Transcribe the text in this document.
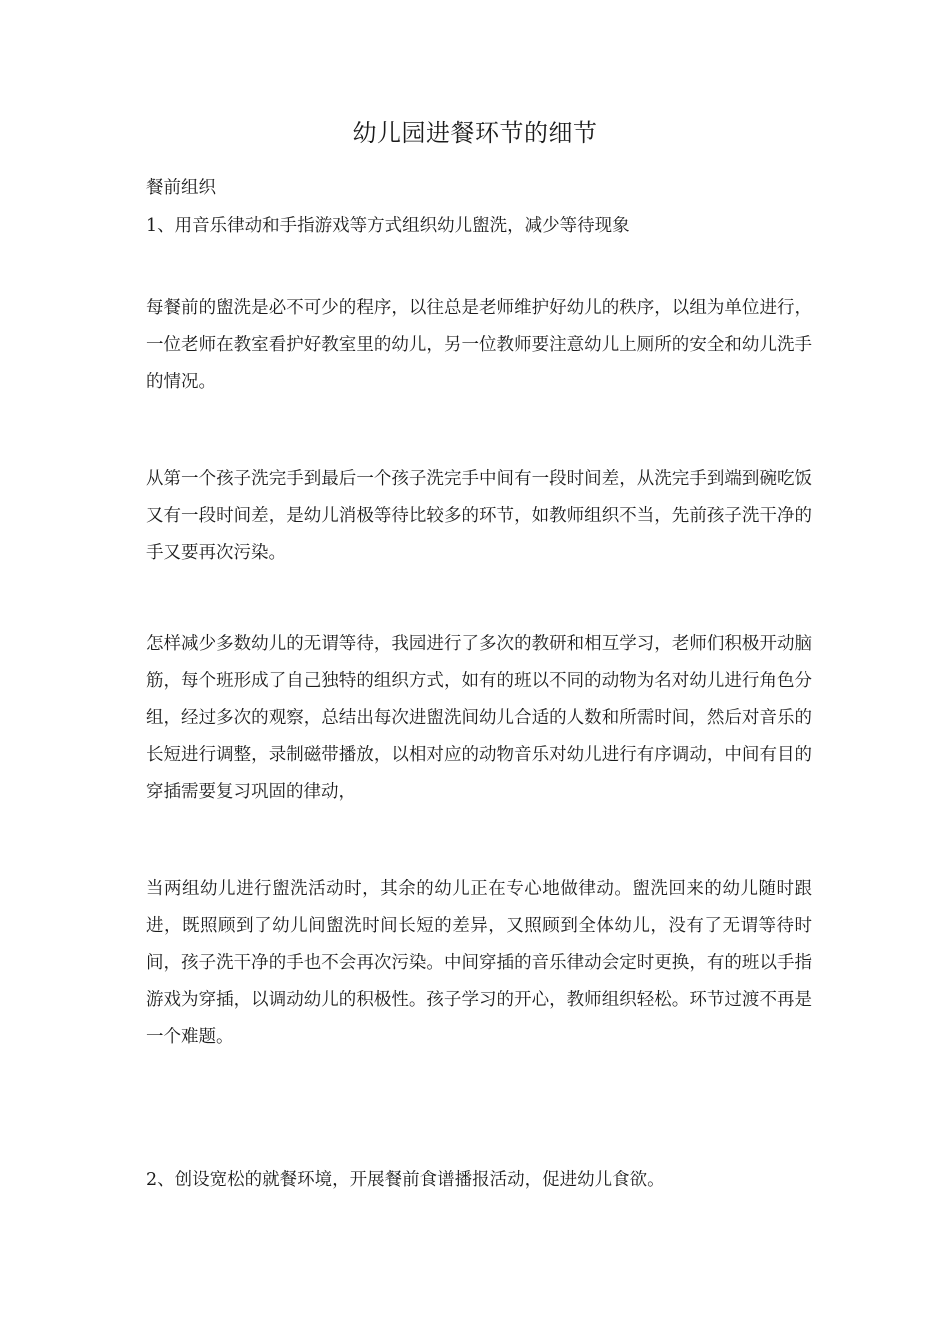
幼儿园进餐环节的细节

餐前组织

1、用音乐律动和手指游戏等方式组织幼儿盥洗，减少等待现象

每餐前的盥洗是必不可少的程序，以往总是老师维护好幼儿的秩序，以组为单位进行，一位老师在教室看护好教室里的幼儿，另一位教师要注意幼儿上厕所的安全和幼儿洗手的情况。

从第一个孩子洗完手到最后一个孩子洗完手中间有一段时间差，从洗完手到端到碗吃饭又有一段时间差，是幼儿消极等待比较多的环节，如教师组织不当，先前孩子洗干净的手又要再次污染。

怎样减少多数幼儿的无谓等待，我园进行了多次的教研和相互学习，老师们积极开动脑筋，每个班形成了自己独特的组织方式，如有的班以不同的动物为名对幼儿进行角色分组，经过多次的观察，总结出每次进盥洗间幼儿合适的人数和所需时间，然后对音乐的长短进行调整，录制磁带播放，以相对应的动物音乐对幼儿进行有序调动，中间有目的穿插需要复习巩固的律动，

当两组幼儿进行盥洗活动时，其余的幼儿正在专心地做律动。盥洗回来的幼儿随时跟进，既照顾到了幼儿间盥洗时间长短的差异，又照顾到全体幼儿，没有了无谓等待时间，孩子洗干净的手也不会再次污染。中间穿插的音乐律动会定时更换，有的班以手指游戏为穿插，以调动幼儿的积极性。孩子学习的开心，教师组织轻松。环节过渡不再是一个难题。

2、创设宽松的就餐环境，开展餐前食谱播报活动，促进幼儿食欲。
